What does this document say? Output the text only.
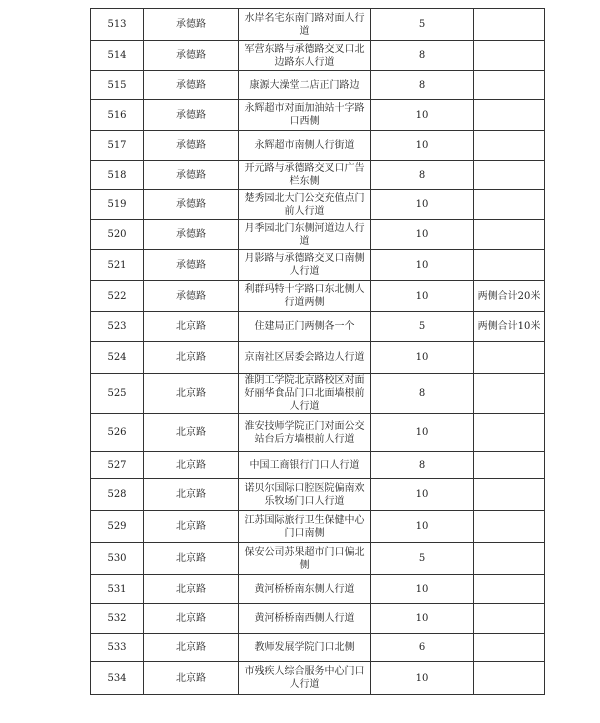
513	承德路	水岸名宅东南门路对面人行道	5	
514	承德路	军营东路与承德路交叉口北边路东人行道	8	
515	承德路	康源大澡堂二店正门路边	8	
516	承德路	永辉超市对面加油站十字路口西侧	10	
517	承德路	永辉超市南侧人行街道	10	
518	承德路	开元路与承德路交叉口广告栏东侧	8	
519	承德路	楚秀园北大门公交充值点门前人行道	10	
520	承德路	月季园北门东侧河道边人行道	10	
521	承德路	月影路与承德路交叉口南侧人行道	10	
522	承德路	利群玛特十字路口东北侧人行道两侧	10	两侧合计20米
523	北京路	住建局正门两侧各一个	5	两侧合计10米
524	北京路	京南社区居委会路边人行道	10	
525	北京路	淮阴工学院北京路校区对面好丽华食品门口北面墙根前人行道	8	
526	北京路	淮安技师学院正门对面公交站台后方墙根前人行道	10	
527	北京路	中国工商银行门口人行道	8	
528	北京路	诺贝尔国际口腔医院偏南欢乐牧场门口人行道	10	
529	北京路	江苏国际旅行卫生保健中心门口南侧	10	
530	北京路	保安公司苏果超市门口偏北侧	5	
531	北京路	黄河桥桥南东侧人行道	10	
532	北京路	黄河桥桥南西侧人行道	10	
533	北京路	教师发展学院门口北侧	6	
534	北京路	市残疾人综合服务中心门口人行道	10	
